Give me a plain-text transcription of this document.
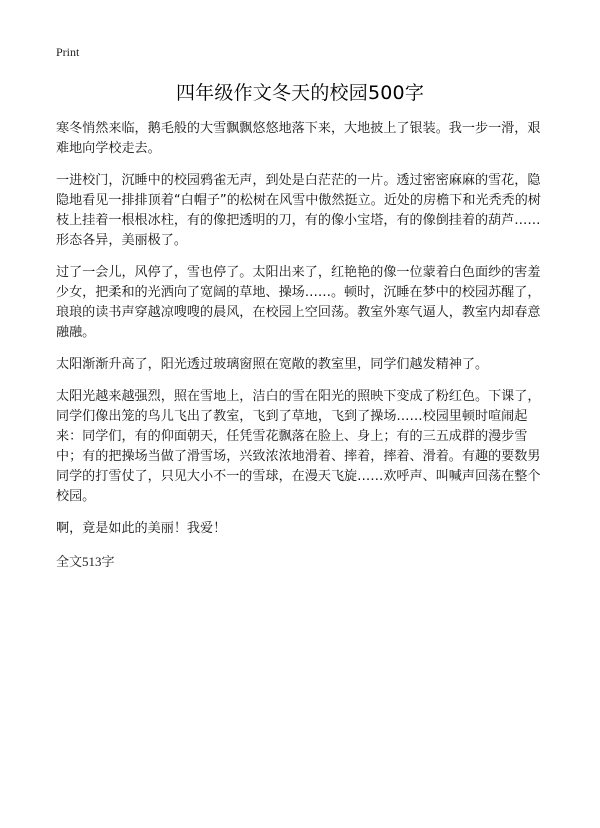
Print
四年级作文冬天的校园500字

寒冬悄然来临，鹅毛般的大雪飘飘悠悠地落下来，大地披上了银装。我一步一滑，艰难地向学校走去。

一进校门，沉睡中的校园鸦雀无声，到处是白茫茫的一片。透过密密麻麻的雪花，隐隐地看见一排排顶着“白帽子”的松树在风雪中傲然挺立。近处的房檐下和光秃秃的树枝上挂着一根根冰柱，有的像把透明的刀，有的像小宝塔，有的像倒挂着的葫芦……形态各异，美丽极了。

过了一会儿，风停了，雪也停了。太阳出来了，红艳艳的像一位蒙着白色面纱的害羞少女，把柔和的光洒向了宽阔的草地、操场……。顿时，沉睡在梦中的校园苏醒了，琅琅的读书声穿越凉嗖嗖的晨风，在校园上空回荡。教室外寒气逼人，教室内却春意融融。

太阳渐渐升高了，阳光透过玻璃窗照在宽敞的教室里，同学们越发精神了。

太阳光越来越强烈，照在雪地上，洁白的雪在阳光的照映下变成了粉红色。下课了，同学们像出笼的鸟儿飞出了教室，飞到了草地，飞到了操场……校园里顿时喧闹起来：同学们，有的仰面朝天，任凭雪花飘落在脸上、身上；有的三五成群的漫步雪中；有的把操场当做了滑雪场，兴致浓浓地滑着、摔着，摔着、滑着。有趣的要数男同学的打雪仗了，只见大小不一的雪球，在漫天飞旋……欢呼声、叫喊声回荡在整个校园。

啊，竟是如此的美丽！我爱！

全文513字
